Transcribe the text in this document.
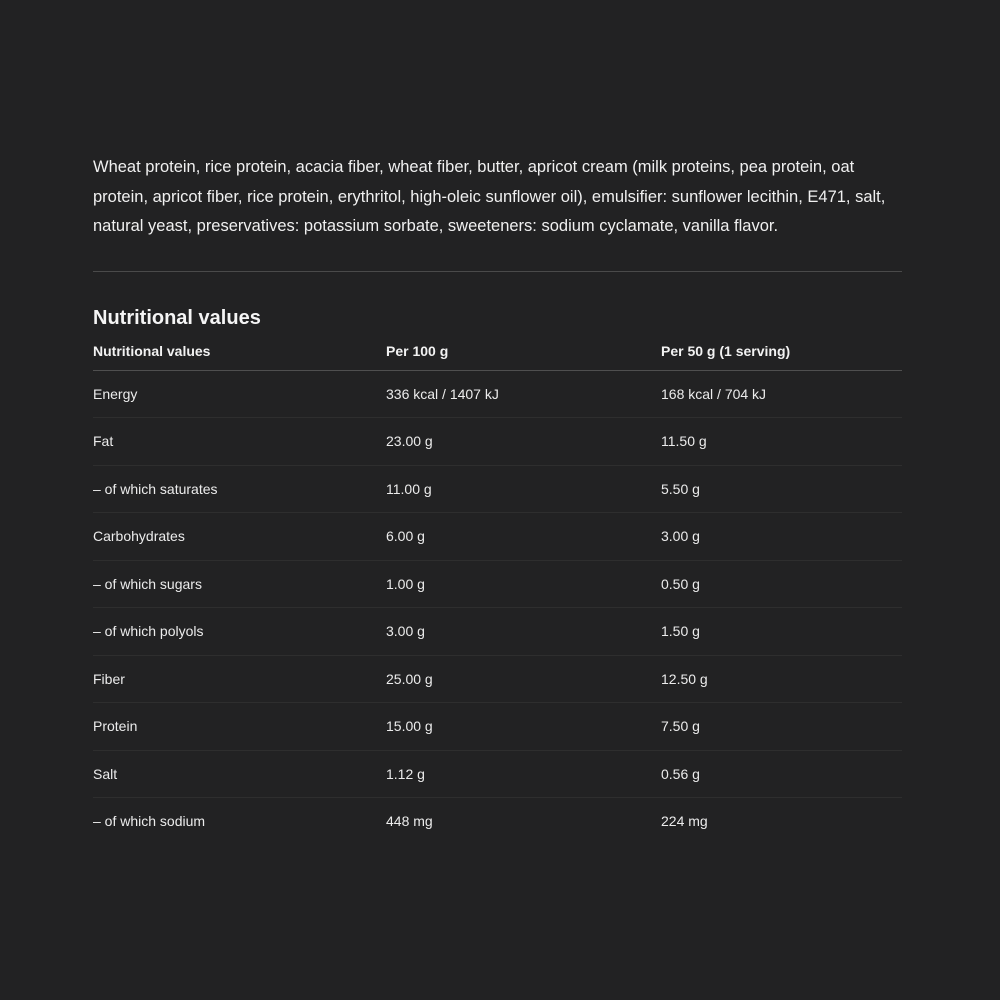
Wheat protein, rice protein, acacia fiber, wheat fiber, butter, apricot cream (milk proteins, pea protein, oat protein, apricot fiber, rice protein, erythritol, high-oleic sunflower oil), emulsifier: sunflower lecithin, E471, salt, natural yeast, preservatives: potassium sorbate, sweeteners: sodium cyclamate, vanilla flavor.

Nutritional values
Nutritional values	Per 100 g	Per 50 g (1 serving)
Energy	336 kcal / 1407 kJ	168 kcal / 704 kJ
Fat	23.00 g	11.50 g
– of which saturates	11.00 g	5.50 g
Carbohydrates	6.00 g	3.00 g
– of which sugars	1.00 g	0.50 g
– of which polyols	3.00 g	1.50 g
Fiber	25.00 g	12.50 g
Protein	15.00 g	7.50 g
Salt	1.12 g	0.56 g
– of which sodium	448 mg	224 mg
